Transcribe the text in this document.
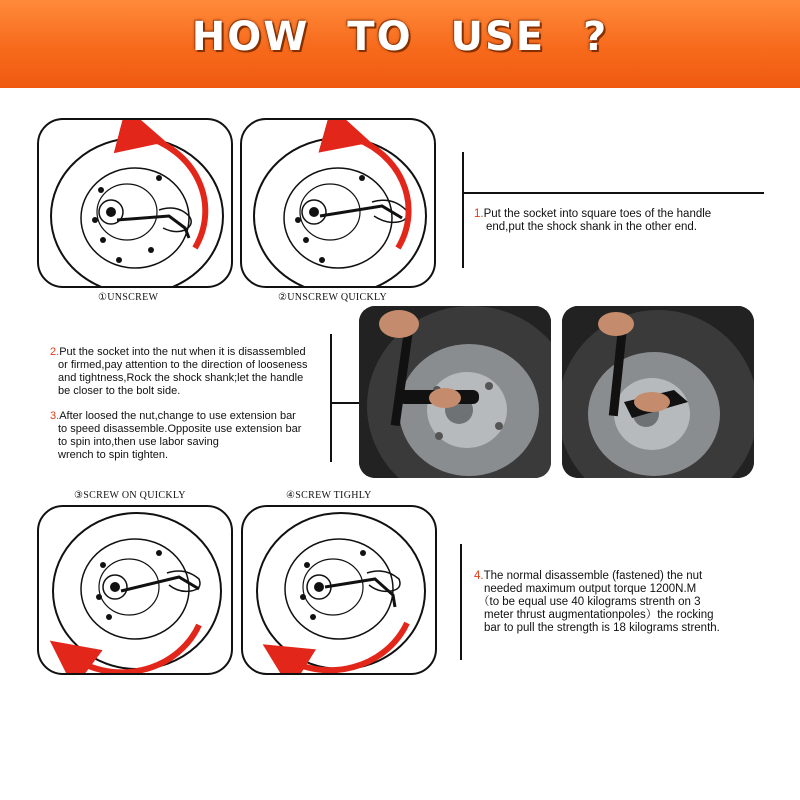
HOW TO USE ?
①UNSCREW	②UNSCREW QUICKLY
1.Put the socket into square toes of the handle
end,put the shock shank in the other end.
2.Put the socket into the nut when it is disassembled
or firmed,pay attention to the direction of looseness
and tightness,Rock the shock shank;let the handle
be closer to the bolt side.
3.After loosed the nut,change to use extension bar
to speed disassemble.Opposite use extension bar
to spin into,then use labor saving
wrench to spin tighten.
③SCREW ON QUICKLY	④SCREW TIGHLY
4.The normal disassemble (fastened) the nut
needed maximum output torque 1200N.M
（to be equal use 40 kilograms strenth on 3
meter thrust augmentationpoles）the rocking
bar to pull the strength is 18 kilograms strenth.
